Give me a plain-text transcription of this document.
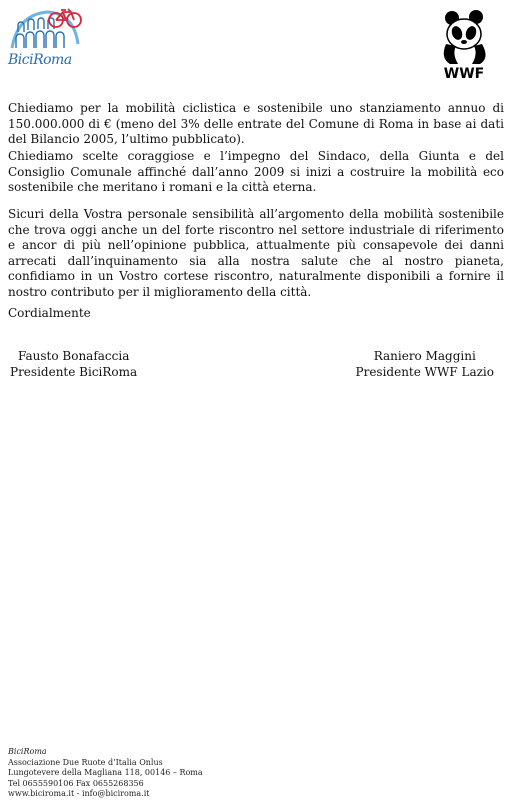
BiciRoma
WWF

Chiediamo per la mobilità ciclistica e sostenibile uno stanziamento annuo di 150.000.000 di € (meno del 3% delle entrate del Comune di Roma in base ai dati del Bilancio 2005, l’ultimo pubblicato).

Chiediamo scelte coraggiose e l’impegno del Sindaco, della Giunta e del Consiglio Comunale affinché dall’anno 2009 si inizi a costruire la mobilità eco sostenibile che meritano i romani e la città eterna.

Sicuri della Vostra personale sensibilità all’argomento della mobilità sostenibile che trova oggi anche un del forte riscontro nel settore industriale di riferimento e ancor di più nell’opinione pubblica, attualmente più consapevole dei danni arrecati dall’inquinamento sia alla nostra salute che al nostro pianeta, confidiamo in un Vostro cortese riscontro, naturalmente disponibili a fornire il nostro contributo per il miglioramento della città.

Cordialmente

Fausto Bonafaccia
Presidente BiciRoma
Raniero Maggini
Presidente WWF Lazio
BiciRoma
Associazione Due Ruote d’Italia Onlus
Lungotevere della Magliana 118, 00146 – Roma
Tel 0655590106 Fax 0655268356
www.biciroma.it - info@biciroma.it
